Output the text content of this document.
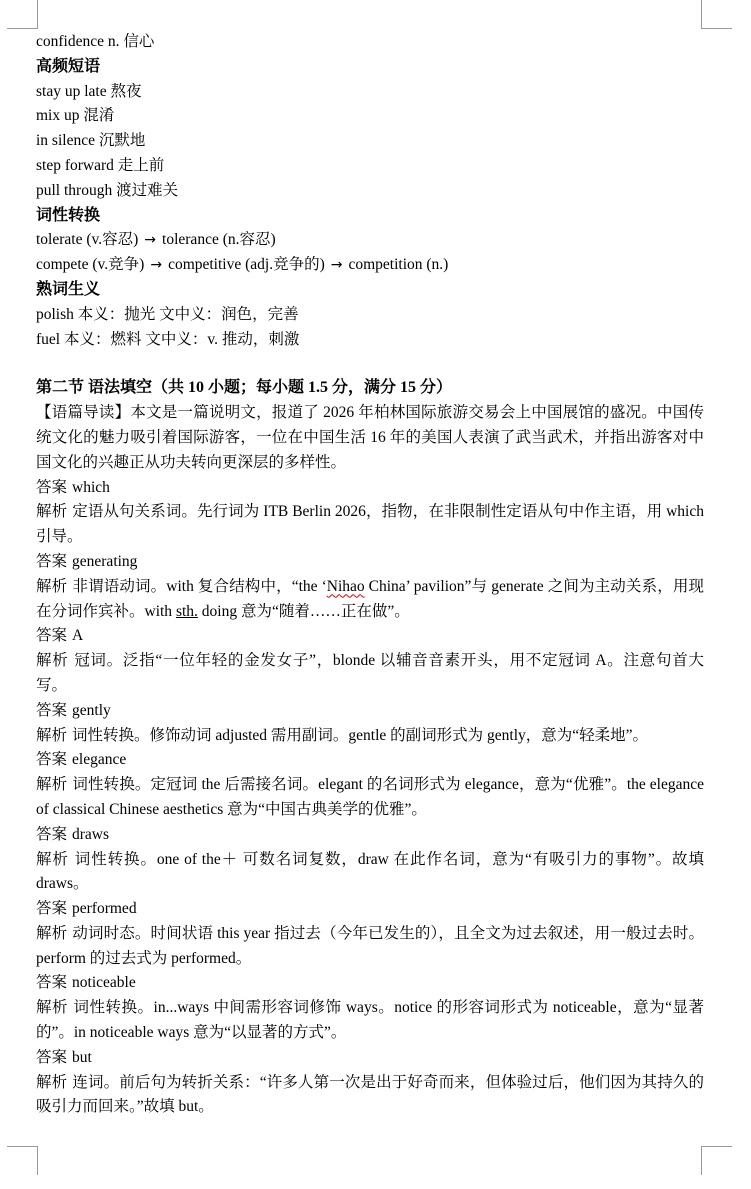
confidence n. 信心
高频短语
stay up late 熬夜
mix up 混淆
in silence 沉默地
step forward 走上前
pull through 渡过难关
词性转换
tolerate (v.容忍) → tolerance (n.容忍)
compete (v.竞争) → competitive (adj.竞争的) → competition (n.)
熟词生义
polish 本义：抛光 文中义：润色，完善
fuel 本义：燃料 文中义：v. 推动，刺激
第二节 语法填空（共 10 小题；每小题 1.5 分，满分 15 分）
【语篇导读】本文是一篇说明文，报道了 2026 年柏林国际旅游交易会上中国展馆的盛况。中国传统文化的魅力吸引着国际游客，一位在中国生活 16 年的美国人表演了武当武术，并指出游客对中国文化的兴趣正从功夫转向更深层的多样性。
答案 which
解析 定语从句关系词。先行词为 ITB Berlin 2026，指物，在非限制性定语从句中作主语，用 which 引导。
答案 generating
解析 非谓语动词。with 复合结构中，“the ‘Nihao China’ pavilion”与 generate 之间为主动关系，用现在分词作宾补。with sth. doing 意为“随着……正在做”。
答案 A
解析 冠词。泛指“一位年轻的金发女子”，blonde 以辅音音素开头，用不定冠词 A。注意句首大写。
答案 gently
解析 词性转换。修饰动词 adjusted 需用副词。gentle 的副词形式为 gently，意为“轻柔地”。
答案 elegance
解析 词性转换。定冠词 the 后需接名词。elegant 的名词形式为 elegance，意为“优雅”。the elegance of classical Chinese aesthetics 意为“中国古典美学的优雅”。
答案 draws
解析 词性转换。one of the＋ 可数名词复数，draw 在此作名词，意为“有吸引力的事物”。故填 draws。
答案 performed
解析 动词时态。时间状语 this year 指过去（今年已发生的），且全文为过去叙述，用一般过去时。perform 的过去式为 performed。
答案 noticeable
解析 词性转换。in...ways 中间需形容词修饰 ways。notice 的形容词形式为 noticeable，意为“显著的”。in noticeable ways 意为“以显著的方式”。
答案 but
解析 连词。前后句为转折关系：“许多人第一次是出于好奇而来，但体验过后，他们因为其持久的吸引力而回来。”故填 but。
